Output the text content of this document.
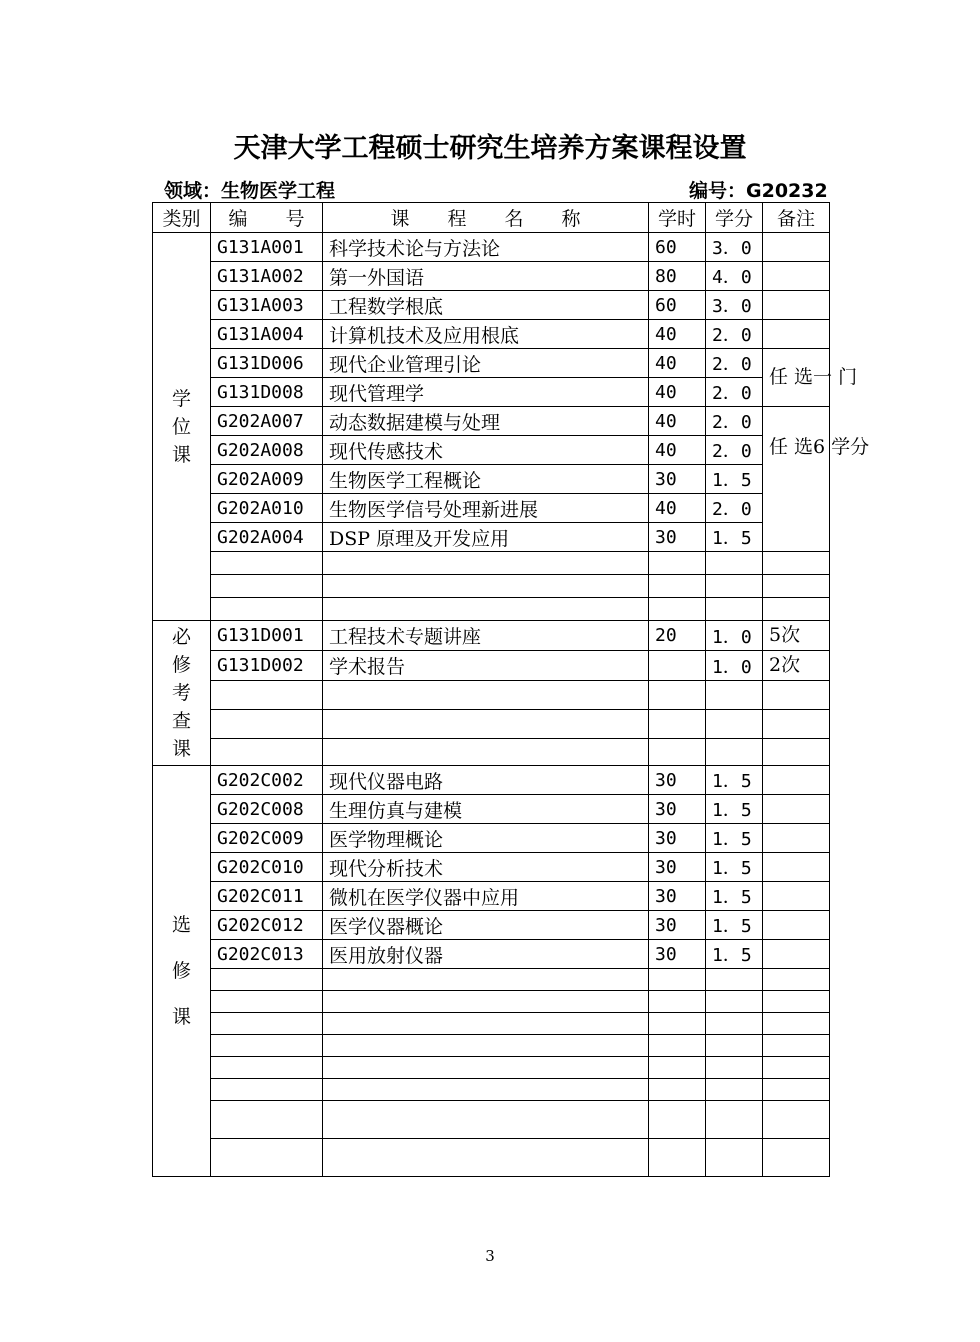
天津大学工程硕士研究生培养方案课程设置
领域：生物医学工程	编号：G20232
类别	编　　号	课　　程　　名　　称	学时	学分	备注
学　位　课	G131A001	科学技术论与方法论	60	3．0	
	G131A002	第一外国语	80	4．0	
	G131A003	工程数学根底	60	3．0	
	G131A004	计算机技术及应用根底	40	2．0	
	G131D006	现代企业管理引论	40	2．0	任 选一 门

	G131D008	现代管理学	40	2．0	
	G202A007	动态数据建模与处理	40	2．0	任 选6 学分

	G202A008	现代传感技术	40	2．0	
	G202A009	生物医学工程概论	30	1．5	
	G202A010	生物医学信号处理新进展	40	2．0	
	G202A004	DSP 原理及开发应用	30	1．5	

必修考查课	G131D001	工程技术专题讲座	20	1．0	5次
	G131D002	学术报告		1．0	2次

选　修　课	G202C002	现代仪器电路	30	1．5	
	G202C008	生理仿真与建模	30	1．5	
	G202C009	医学物理概论	30	1．5	
	G202C010	现代分析技术	30	1．5	
	G202C011	微机在医学仪器中应用	30	1．5	
	G202C012	医学仪器概论	30	1．5	
	G202C013	医用放射仪器	30	1．5	

3
